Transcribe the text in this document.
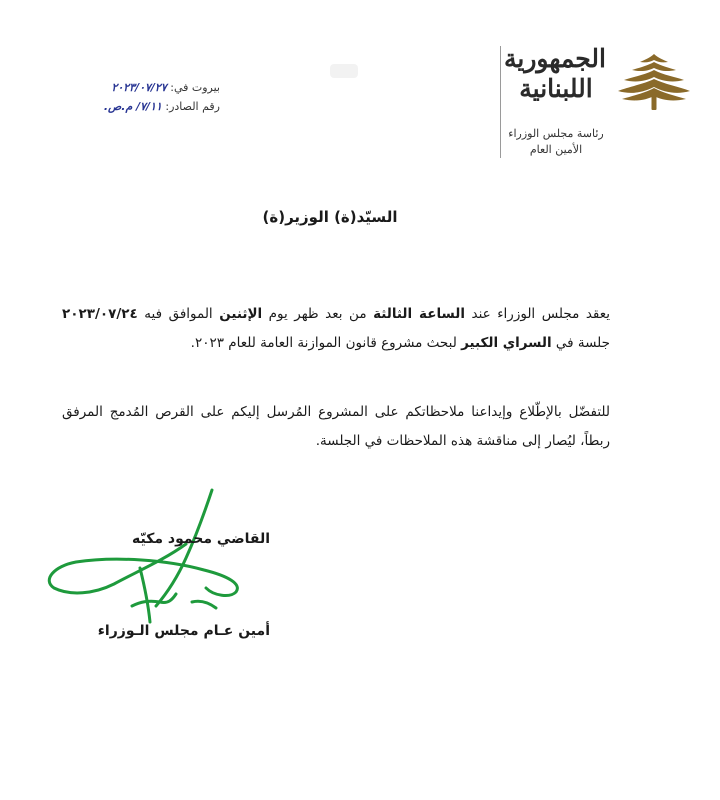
الجمهورية
اللبنانية
رئاسة مجلس الوزراء
الأمين العام
بيروت في: ٢٠٢٣/٠٧/٢٧
رقم الصادر: ٧/١١/ م.ص.
السيّد(ة) الوزير(ة)
يعقد مجلس الوزراء عند الساعة الثالثة من بعد ظهر يوم الإثنين الموافق فيه ٢٠٢٣/٠٧/٢٤ جلسة في السراي الكبير لبحث مشروع قانون الموازنة العامة للعام ٢٠٢٣.
للتفضّل بالإطّلاع وإيداعنا ملاحظاتكم على المشروع المُرسل إليكم على القرص المُدمج المرفق ربطاً، ليُصار إلى مناقشة هذه الملاحظات في الجلسة.
القاضي محمود مكيّه
أمين عـام مجلس الـوزراء
